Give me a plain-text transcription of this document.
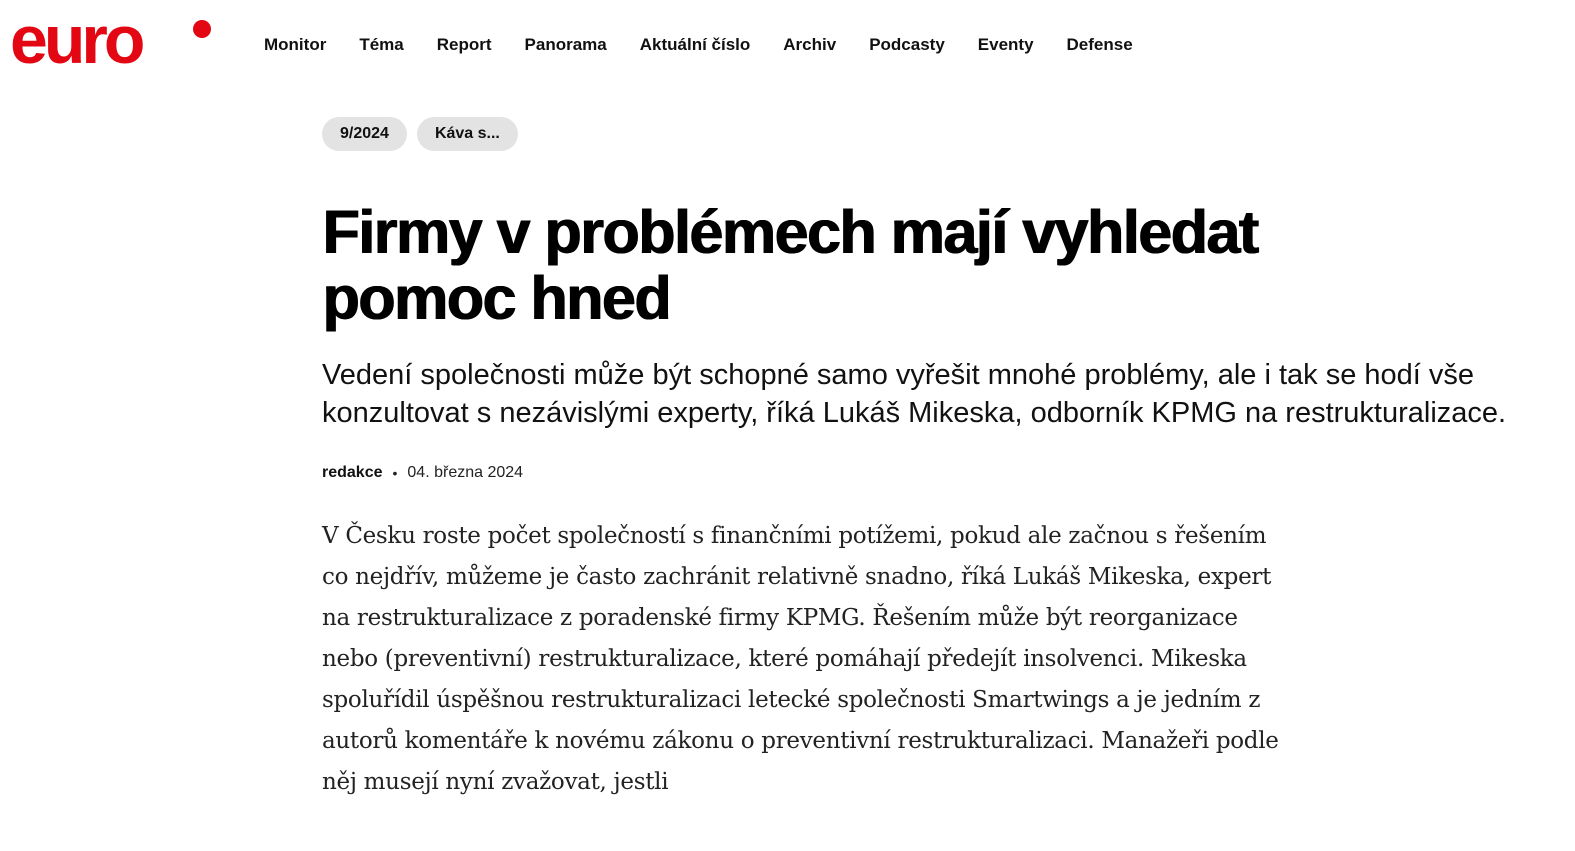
euro	Monitor Téma Report Panorama Aktuální číslo Archiv Podcasty Eventy Defense
9/2024	Káva s...
Firmy v problémech mají vyhledat pomoc hned

Vedení společnosti může být schopné samo vyřešit mnohé problémy, ale i tak se hodí vše konzultovat s nezávislými experty, říká Lukáš Mikeska, odborník KPMG na restrukturalizace.

redakce • 04. března 2024

V Česku roste počet společností s finančními potížemi, pokud ale začnou s řešením co nejdřív, můžeme je často zachránit relativně snadno, říká Lukáš Mikeska, expert na restrukturalizace z poradenské firmy KPMG. Řešením může být reorganizace nebo (preventivní) restrukturalizace, které pomáhají předejít insolvenci. Mikeska spoluřídil úspěšnou restrukturalizaci letecké společnosti Smartwings a je jedním z autorů komentáře k novému zákonu o preventivní restrukturalizaci. Manažeři podle něj musejí nyní zvažovat, jestli
